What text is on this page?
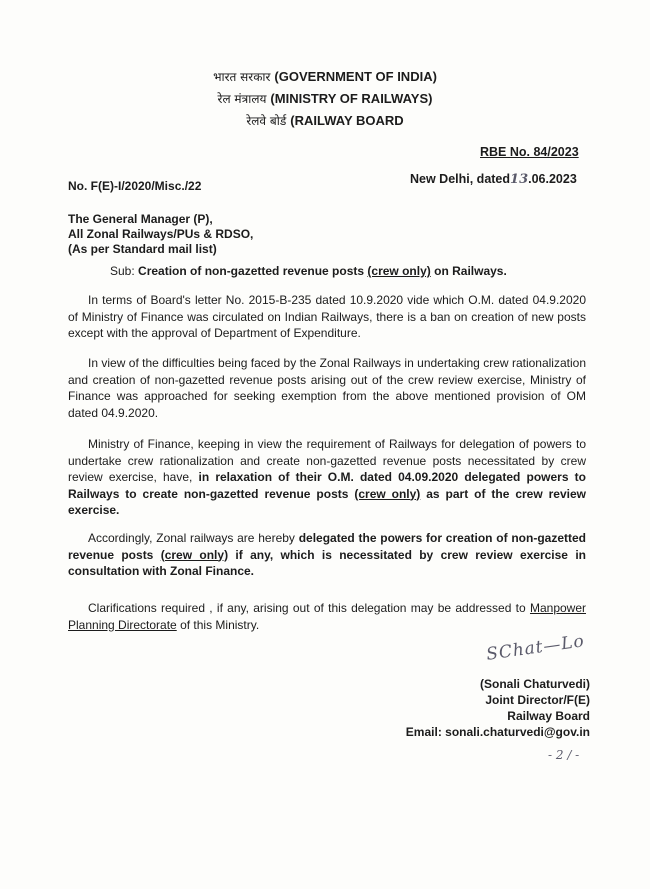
भारत सरकार (GOVERNMENT OF INDIA)
रेल मंत्रालय (MINISTRY OF RAILWAYS)
रेलवे बोर्ड (RAILWAY BOARD
RBE No. 84/2023
No. F(E)-I/2020/Misc./22	New Delhi, dated13.06.2023
The General Manager (P),
All Zonal Railways/PUs & RDSO,
(As per Standard mail list)
Sub: Creation of non-gazetted revenue posts (crew only) on Railways.
In terms of Board's letter No. 2015-B-235 dated 10.9.2020 vide which O.M. dated 04.9.2020 of Ministry of Finance was circulated on Indian Railways, there is a ban on creation of new posts except with the approval of Department of Expenditure.
In view of the difficulties being faced by the Zonal Railways in undertaking crew rationalization and creation of non-gazetted revenue posts arising out of the crew review exercise, Ministry of Finance was approached for seeking exemption from the above mentioned provision of OM dated 04.9.2020.
Ministry of Finance, keeping in view the requirement of Railways for delegation of powers to undertake crew rationalization and create non-gazetted revenue posts necessitated by crew review exercise, have, in relaxation of their O.M. dated 04.09.2020 delegated powers to Railways to create non-gazetted revenue posts (crew only) as part of the crew review exercise.
Accordingly, Zonal railways are hereby delegated the powers for creation of non-gazetted revenue posts (crew only) if any, which is necessitated by crew review exercise in consultation with Zonal Finance.
Clarifications required , if any, arising out of this delegation may be addressed to Manpower Planning Directorate of this Ministry.
SChat—Lo
(Sonali Chaturvedi)
Joint Director/F(E)
Railway Board
Email: sonali.chaturvedi@gov.in
- 2 / -
